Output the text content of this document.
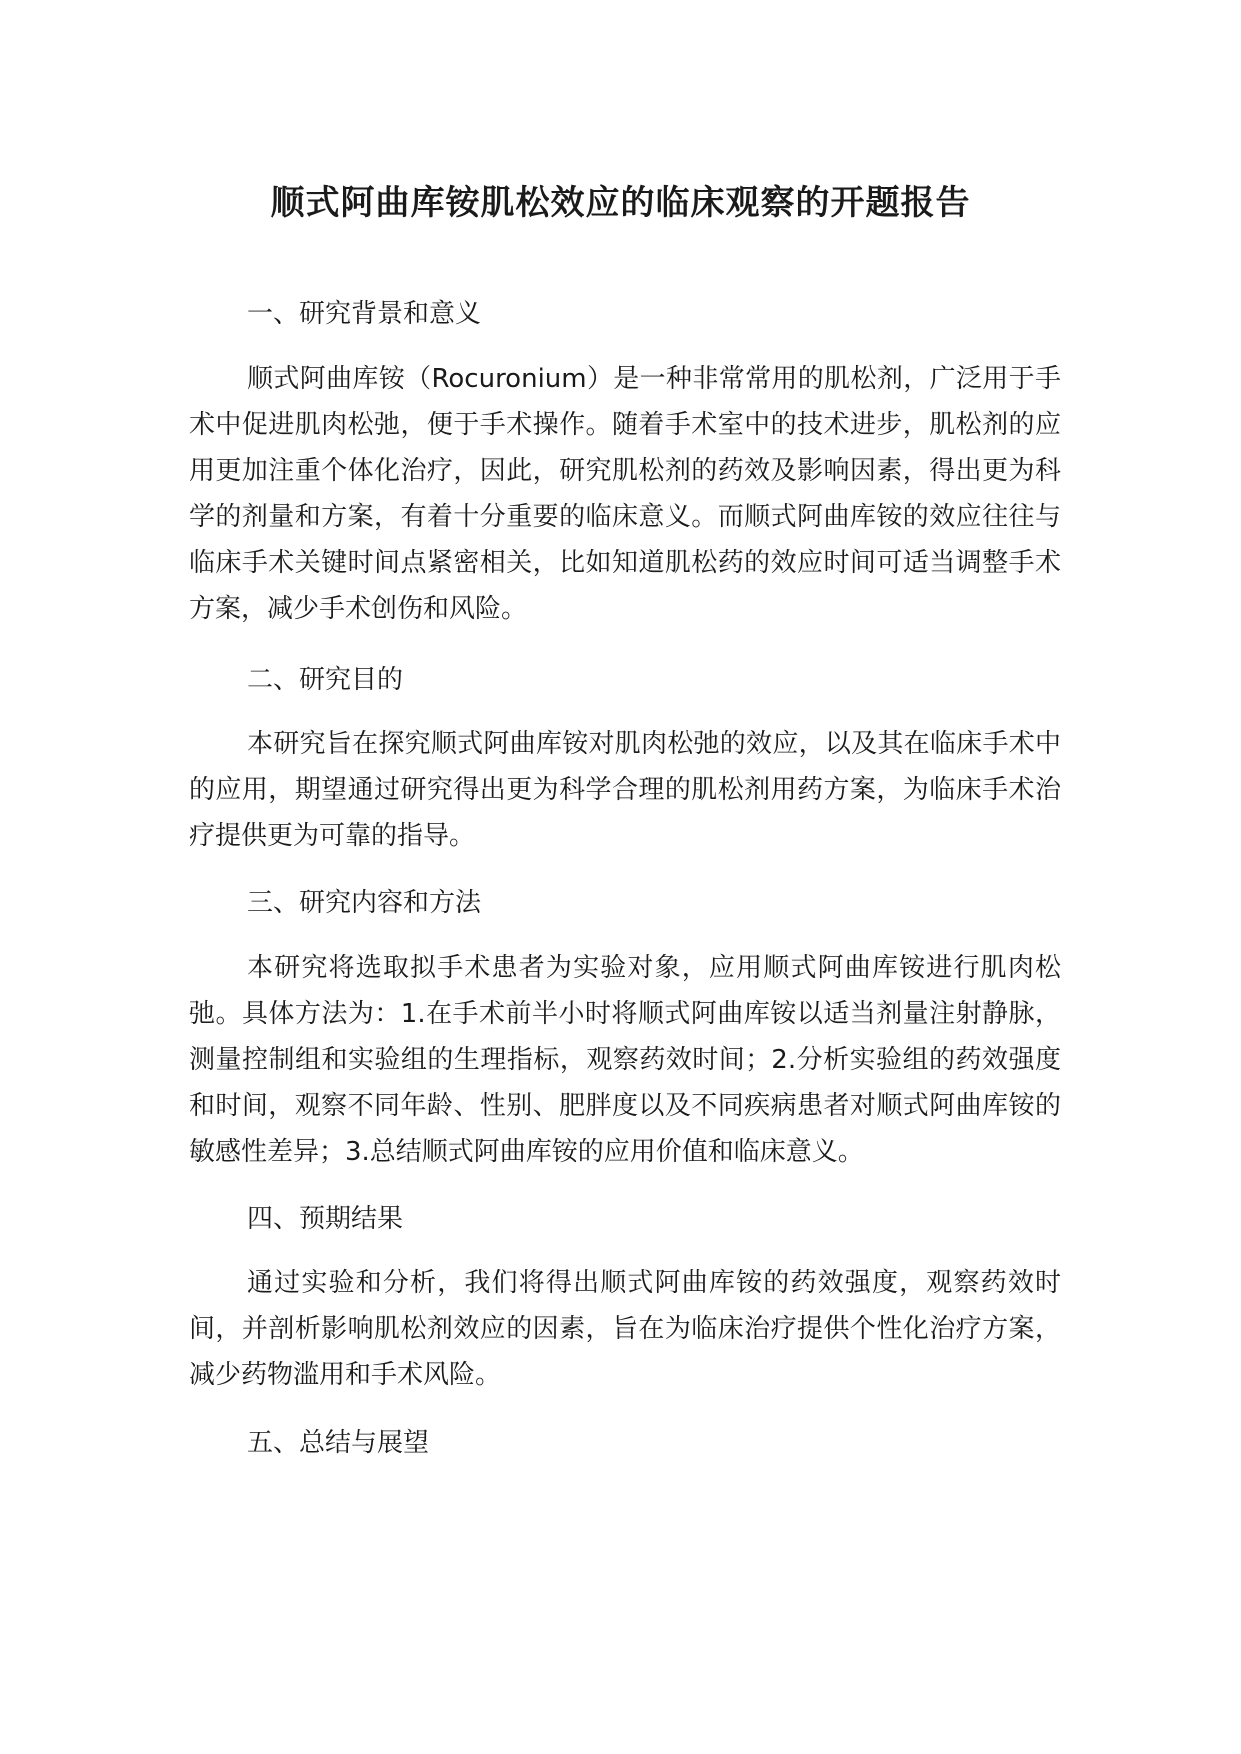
顺式阿曲库铵肌松效应的临床观察的开题报告

一、研究背景和意义

顺式阿曲库铵（Rocuronium）是一种非常常用的肌松剂，广泛用于手术中促进肌肉松弛，便于手术操作。随着手术室中的技术进步，肌松剂的应用更加注重个体化治疗，因此，研究肌松剂的药效及影响因素，得出更为科学的剂量和方案，有着十分重要的临床意义。而顺式阿曲库铵的效应往往与临床手术关键时间点紧密相关，比如知道肌松药的效应时间可适当调整手术方案，减少手术创伤和风险。

二、研究目的

本研究旨在探究顺式阿曲库铵对肌肉松弛的效应，以及其在临床手术中的应用，期望通过研究得出更为科学合理的肌松剂用药方案，为临床手术治疗提供更为可靠的指导。

三、研究内容和方法

本研究将选取拟手术患者为实验对象，应用顺式阿曲库铵进行肌肉松弛。具体方法为：1.在手术前半小时将顺式阿曲库铵以适当剂量注射静脉，测量控制组和实验组的生理指标，观察药效时间；2.分析实验组的药效强度和时间，观察不同年龄、性别、肥胖度以及不同疾病患者对顺式阿曲库铵的敏感性差异；3.总结顺式阿曲库铵的应用价值和临床意义。

四、预期结果

通过实验和分析，我们将得出顺式阿曲库铵的药效强度，观察药效时间，并剖析影响肌松剂效应的因素，旨在为临床治疗提供个性化治疗方案，减少药物滥用和手术风险。

五、总结与展望
